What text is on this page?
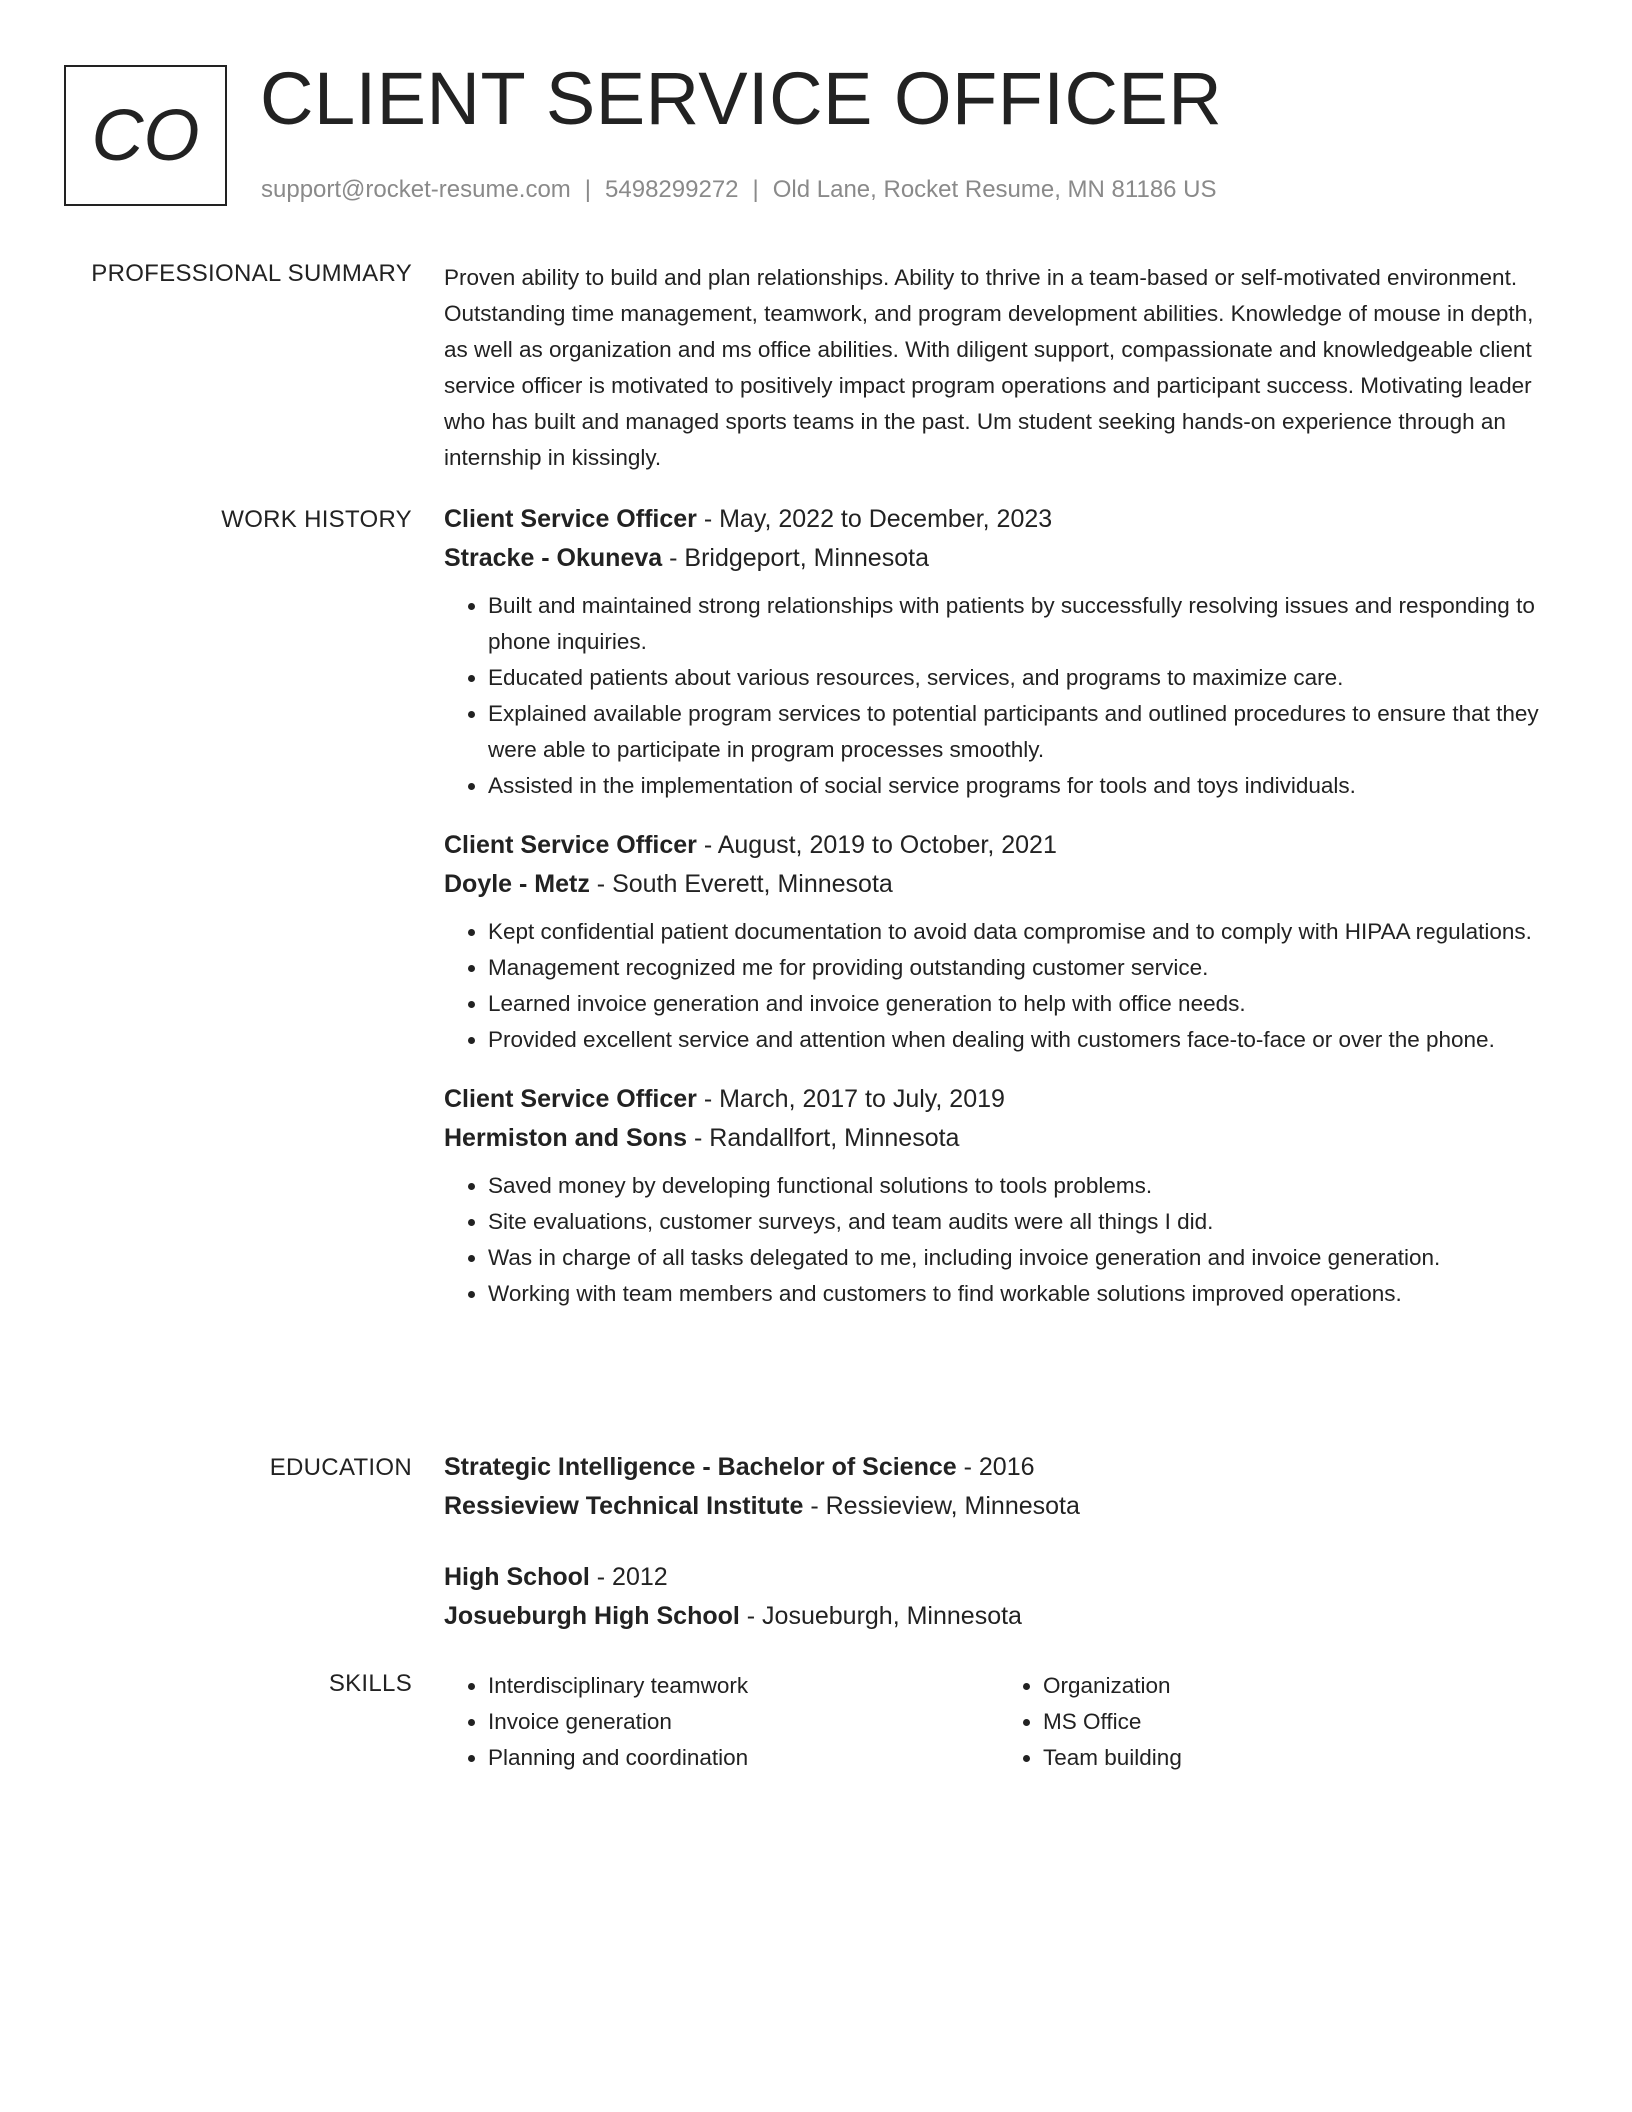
CO CLIENT SERVICE OFFICER
support@rocket-resume.com | 5498299272 | Old Lane, Rocket Resume, MN 81186 US
PROFESSIONAL SUMMARY Proven ability to build and plan relationships. Ability to thrive in a team-based or self-motivated environment. Outstanding time management, teamwork, and program development abilities. Knowledge of mouse in depth, as well as organization and ms office abilities. With diligent support, compassionate and knowledgeable client service officer is motivated to positively impact program operations and participant success. Motivating leader who has built and managed sports teams in the past. Um student seeking hands-on experience through an internship in kissingly.

WORK HISTORY Client Service Officer - May, 2022 to December, 2023
Stracke - Okuneva - Bridgeport, Minnesota
• Built and maintained strong relationships with patients by successfully resolving issues and responding to phone inquiries.
• Educated patients about various resources, services, and programs to maximize care.
• Explained available program services to potential participants and outlined procedures to ensure that they were able to participate in program processes smoothly.
• Assisted in the implementation of social service programs for tools and toys individuals.
Client Service Officer - August, 2019 to October, 2021
Doyle - Metz - South Everett, Minnesota
• Kept confidential patient documentation to avoid data compromise and to comply with HIPAA regulations.
• Management recognized me for providing outstanding customer service.
• Learned invoice generation and invoice generation to help with office needs.
• Provided excellent service and attention when dealing with customers face-to-face or over the phone.
Client Service Officer - March, 2017 to July, 2019
Hermiston and Sons - Randallfort, Minnesota
• Saved money by developing functional solutions to tools problems.
• Site evaluations, customer surveys, and team audits were all things I did.
• Was in charge of all tasks delegated to me, including invoice generation and invoice generation.
• Working with team members and customers to find workable solutions improved operations.
EDUCATION Strategic Intelligence - Bachelor of Science - 2016
Ressieview Technical Institute - Ressieview, Minnesota
High School - 2012
Josueburgh High School - Josueburgh, Minnesota
SKILLS
•	Interdisciplinary teamwork
• Invoice generation
• Planning and coordination
• Organization
• MS Office
• Team building
